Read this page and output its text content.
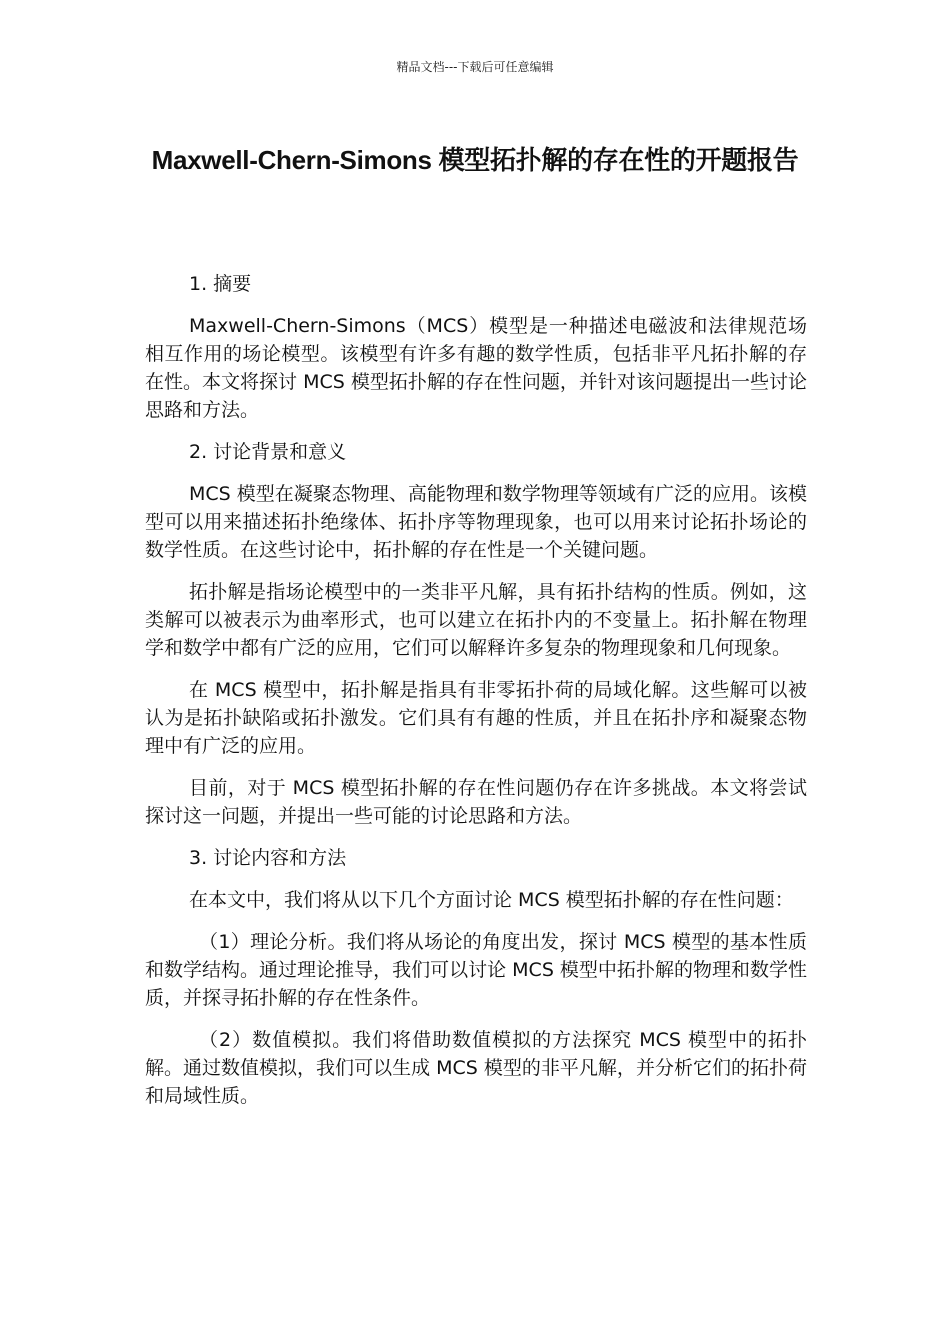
精品文档---下载后可任意编辑
Maxwell-Chern-Simons 模型拓扑解的存在性的开题报告

1. 摘要

Maxwell-Chern-Simons（MCS）模型是一种描述电磁波和法律规范场相互作用的场论模型。该模型有许多有趣的数学性质，包括非平凡拓扑解的存在性。本文将探讨 MCS 模型拓扑解的存在性问题，并针对该问题提出一些讨论思路和方法。

2. 讨论背景和意义

MCS 模型在凝聚态物理、高能物理和数学物理等领域有广泛的应用。该模型可以用来描述拓扑绝缘体、拓扑序等物理现象，也可以用来讨论拓扑场论的数学性质。在这些讨论中，拓扑解的存在性是一个关键问题。

拓扑解是指场论模型中的一类非平凡解，具有拓扑结构的性质。例如，这类解可以被表示为曲率形式，也可以建立在拓扑内的不变量上。拓扑解在物理学和数学中都有广泛的应用，它们可以解释许多复杂的物理现象和几何现象。

在 MCS 模型中，拓扑解是指具有非零拓扑荷的局域化解。这些解可以被认为是拓扑缺陷或拓扑激发。它们具有有趣的性质，并且在拓扑序和凝聚态物理中有广泛的应用。

目前，对于 MCS 模型拓扑解的存在性问题仍存在许多挑战。本文将尝试探讨这一问题，并提出一些可能的讨论思路和方法。

3. 讨论内容和方法

在本文中，我们将从以下几个方面讨论 MCS 模型拓扑解的存在性问题：

（1）理论分析。我们将从场论的角度出发，探讨 MCS 模型的基本性质和数学结构。通过理论推导，我们可以讨论 MCS 模型中拓扑解的物理和数学性质，并探寻拓扑解的存在性条件。

（2）数值模拟。我们将借助数值模拟的方法探究 MCS 模型中的拓扑解。通过数值模拟，我们可以生成 MCS 模型的非平凡解，并分析它们的拓扑荷和局域性质。
